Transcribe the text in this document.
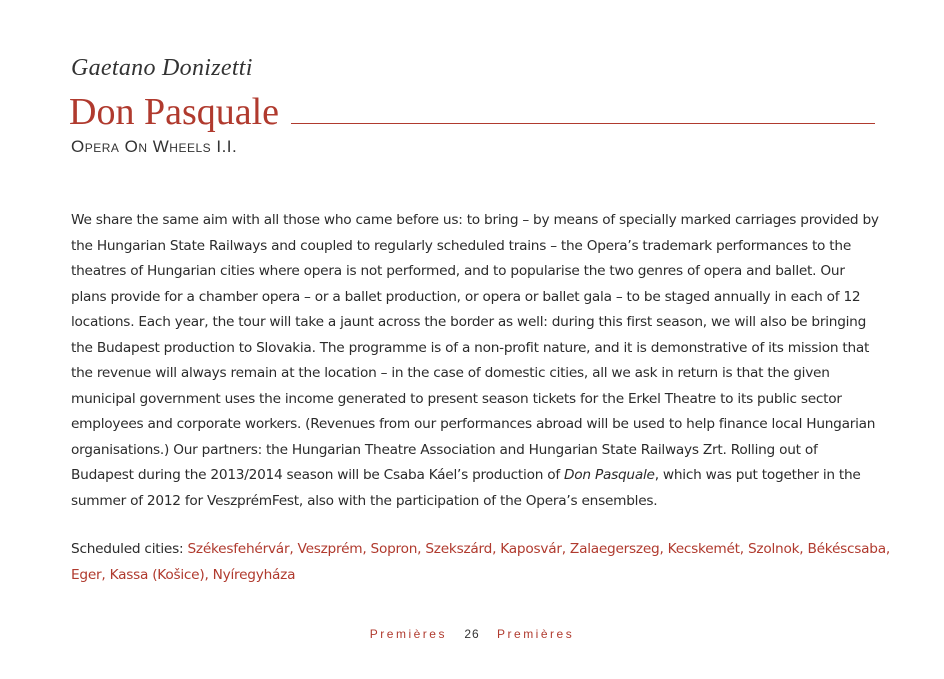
Gaetano Donizetti
Don Pasquale
Opera On Wheels I.I.

We share the same aim with all those who came before us: to bring – by means of specially marked carriages provided by the Hungarian State Railways and coupled to regularly scheduled trains – the Opera’s trademark performances to the theatres of Hungarian cities where opera is not performed, and to popularise the two genres of opera and ballet. Our plans provide for a chamber opera – or a ballet production, or opera or ballet gala – to be staged annually in each of 12 locations. Each year, the tour will take a jaunt across the border as well: during this first season, we will also be bringing the Budapest production to Slovakia. The programme is of a non-profit nature, and it is demonstrative of its mission that the revenue will always remain at the location – in the case of domestic cities, all we ask in return is that the given municipal government uses the income generated to present season tickets for the Erkel Theatre to its public sector employees and corporate workers. (Revenues from our performances abroad will be used to help finance local Hungarian organisations.) Our partners: the Hungarian Theatre Association and Hungarian State Railways Zrt. Rolling out of Budapest during the 2013/2014 season will be Csaba Káel’s production of Don Pasquale, which was put together in the summer of 2012 for VeszprémFest, also with the participation of the Opera’s ensembles.

Scheduled cities: Székesfehérvár, Veszprém, Sopron, Szekszárd, Kaposvár, Zalaegerszeg, Kecskemét, Szolnok, Békéscsaba, Eger, Kassa (Košice), Nyíregyháza

Premières 26 Premières
